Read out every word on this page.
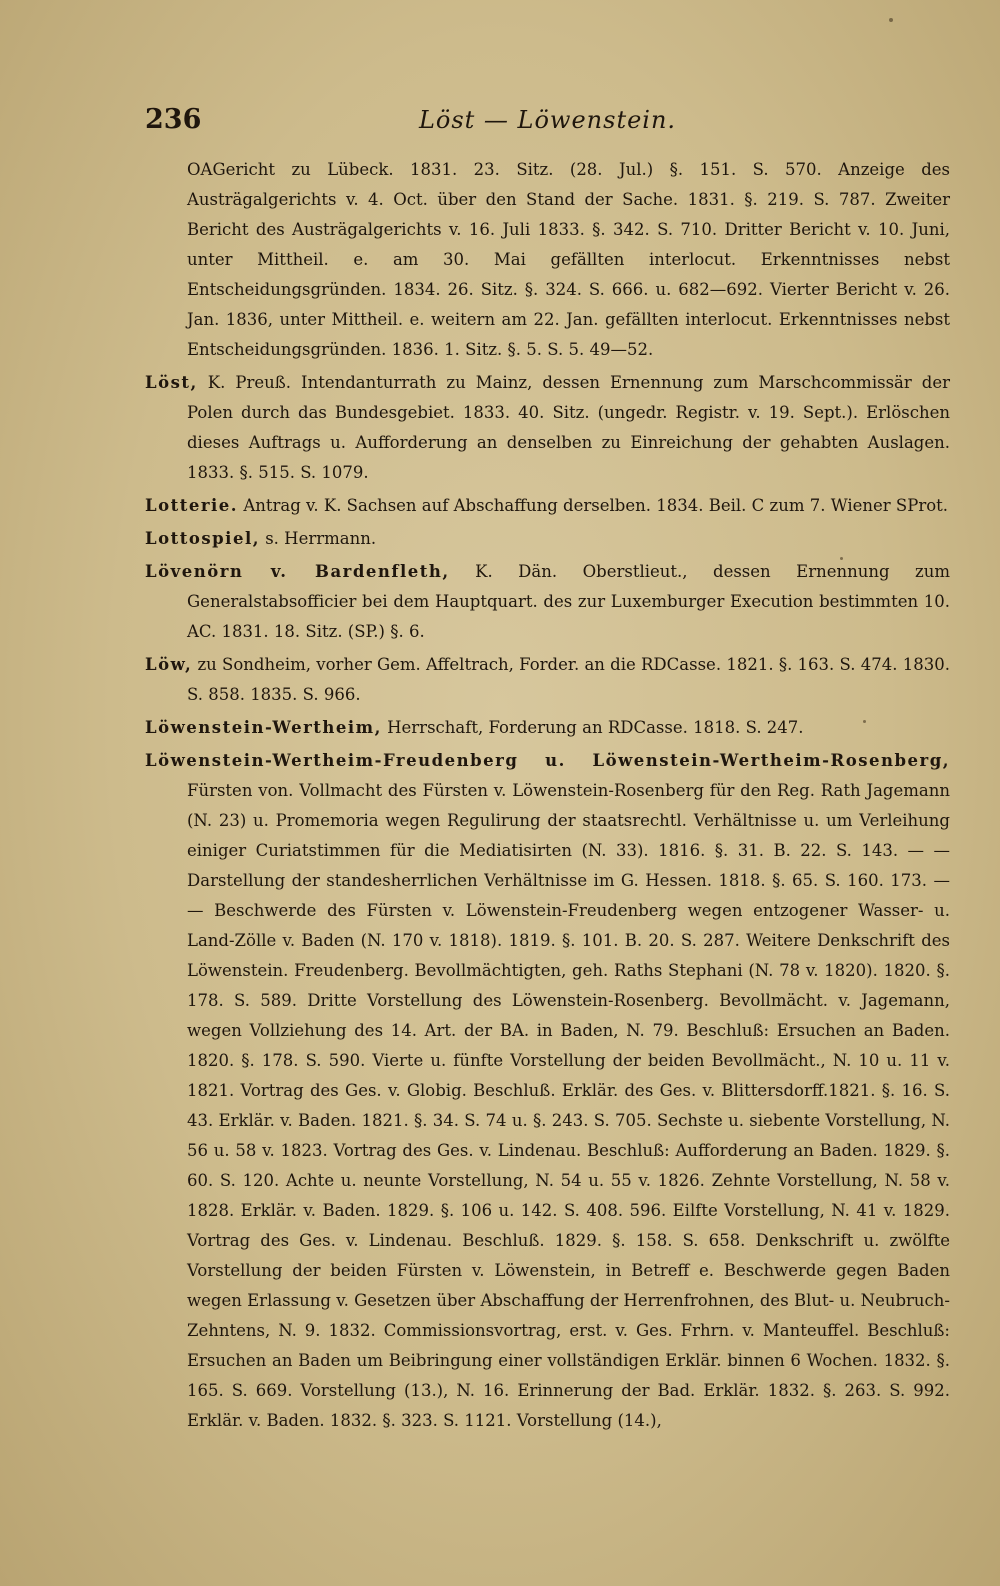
236	Löst — Löwenstein.

OAGericht zu Lübeck. 1831. 23. Sitz. (28. Jul.) §. 151. S. 570. Anzeige des Austrägalgerichts v. 4. Oct. über den Stand der Sache. 1831. §. 219. S. 787. Zweiter Bericht des Austrägalgerichts v. 16. Juli 1833. §. 342. S. 710. Dritter Bericht v. 10. Juni, unter Mittheil. e. am 30. Mai gefällten interlocut. Erkenntnisses nebst Entscheidungsgründen. 1834. 26. Sitz. §. 324. S. 666. u. 682—692. Vierter Bericht v. 26. Jan. 1836, unter Mittheil. e. weitern am 22. Jan. gefällten interlocut. Erkenntnisses nebst Entscheidungsgründen. 1836. 1. Sitz. §. 5. S. 5. 49—52.

Löst, K. Preuß. Intendanturrath zu Mainz, dessen Ernennung zum Marschcommissär der Polen durch das Bundesgebiet. 1833. 40. Sitz. (ungedr. Registr. v. 19. Sept.). Erlöschen dieses Auftrags u. Aufforderung an denselben zu Einreichung der gehabten Auslagen. 1833. §. 515. S. 1079.

Lotterie. Antrag v. K. Sachsen auf Abschaffung derselben. 1834. Beil. C zum 7. Wiener SProt.

Lottospiel, s. Herrmann.

Lövenörn v. Bardenfleth, K. Dän. Oberstlieut., dessen Ernennung zum Generalstabsofficier bei dem Hauptquart. des zur Luxemburger Execution bestimmten 10. AC. 1831. 18. Sitz. (SP.) §. 6.

Löw, zu Sondheim, vorher Gem. Affeltrach, Forder. an die RDCasse. 1821. §. 163. S. 474. 1830. S. 858. 1835. S. 966.

Löwenstein-Wertheim, Herrschaft, Forderung an RDCasse. 1818. S. 247.

Löwenstein-Wertheim-Freudenberg u. Löwenstein-Wertheim-Rosenberg, Fürsten von. Vollmacht des Fürsten v. Löwenstein-Rosenberg für den Reg. Rath Jagemann (N. 23) u. Promemoria wegen Regulirung der staatsrechtl. Verhältnisse u. um Verleihung einiger Curiatstimmen für die Mediatisirten (N. 33). 1816. §. 31. B. 22. S. 143. — — Darstellung der standesherrlichen Verhältnisse im G. Hessen. 1818. §. 65. S. 160. 173. — — Beschwerde des Fürsten v. Löwenstein-Freudenberg wegen entzogener Wasser- u. Land-Zölle v. Baden (N. 170 v. 1818). 1819. §. 101. B. 20. S. 287. Weitere Denkschrift des Löwenstein. Freudenberg. Bevollmächtigten, geh. Raths Stephani (N. 78 v. 1820). 1820. §. 178. S. 589. Dritte Vorstellung des Löwenstein-Rosenberg. Bevollmächt. v. Jagemann, wegen Vollziehung des 14. Art. der BA. in Baden, N. 79. Beschluß: Ersuchen an Baden. 1820. §. 178. S. 590. Vierte u. fünfte Vorstellung der beiden Bevollmächt., N. 10 u. 11 v. 1821. Vortrag des Ges. v. Globig. Beschluß. Erklär. des Ges. v. Blittersdorff.1821. §. 16. S. 43. Erklär. v. Baden. 1821. §. 34. S. 74 u. §. 243. S. 705. Sechste u. siebente Vorstellung, N. 56 u. 58 v. 1823. Vortrag des Ges. v. Lindenau. Beschluß: Aufforderung an Baden. 1829. §. 60. S. 120. Achte u. neunte Vorstellung, N. 54 u. 55 v. 1826. Zehnte Vorstellung, N. 58 v. 1828. Erklär. v. Baden. 1829. §. 106 u. 142. S. 408. 596. Eilfte Vorstellung, N. 41 v. 1829. Vortrag des Ges. v. Lindenau. Beschluß. 1829. §. 158. S. 658. Denkschrift u. zwölfte Vorstellung der beiden Fürsten v. Löwenstein, in Betreff e. Beschwerde gegen Baden wegen Erlassung v. Gesetzen über Abschaffung der Herrenfrohnen, des Blut- u. Neubruch-Zehntens, N. 9. 1832. Commissionsvortrag, erst. v. Ges. Frhrn. v. Manteuffel. Beschluß: Ersuchen an Baden um Beibringung einer vollständigen Erklär. binnen 6 Wochen. 1832. §. 165. S. 669. Vorstellung (13.), N. 16. Erinnerung der Bad. Erklär. 1832. §. 263. S. 992. Erklär. v. Baden. 1832. §. 323. S. 1121. Vorstellung (14.),
